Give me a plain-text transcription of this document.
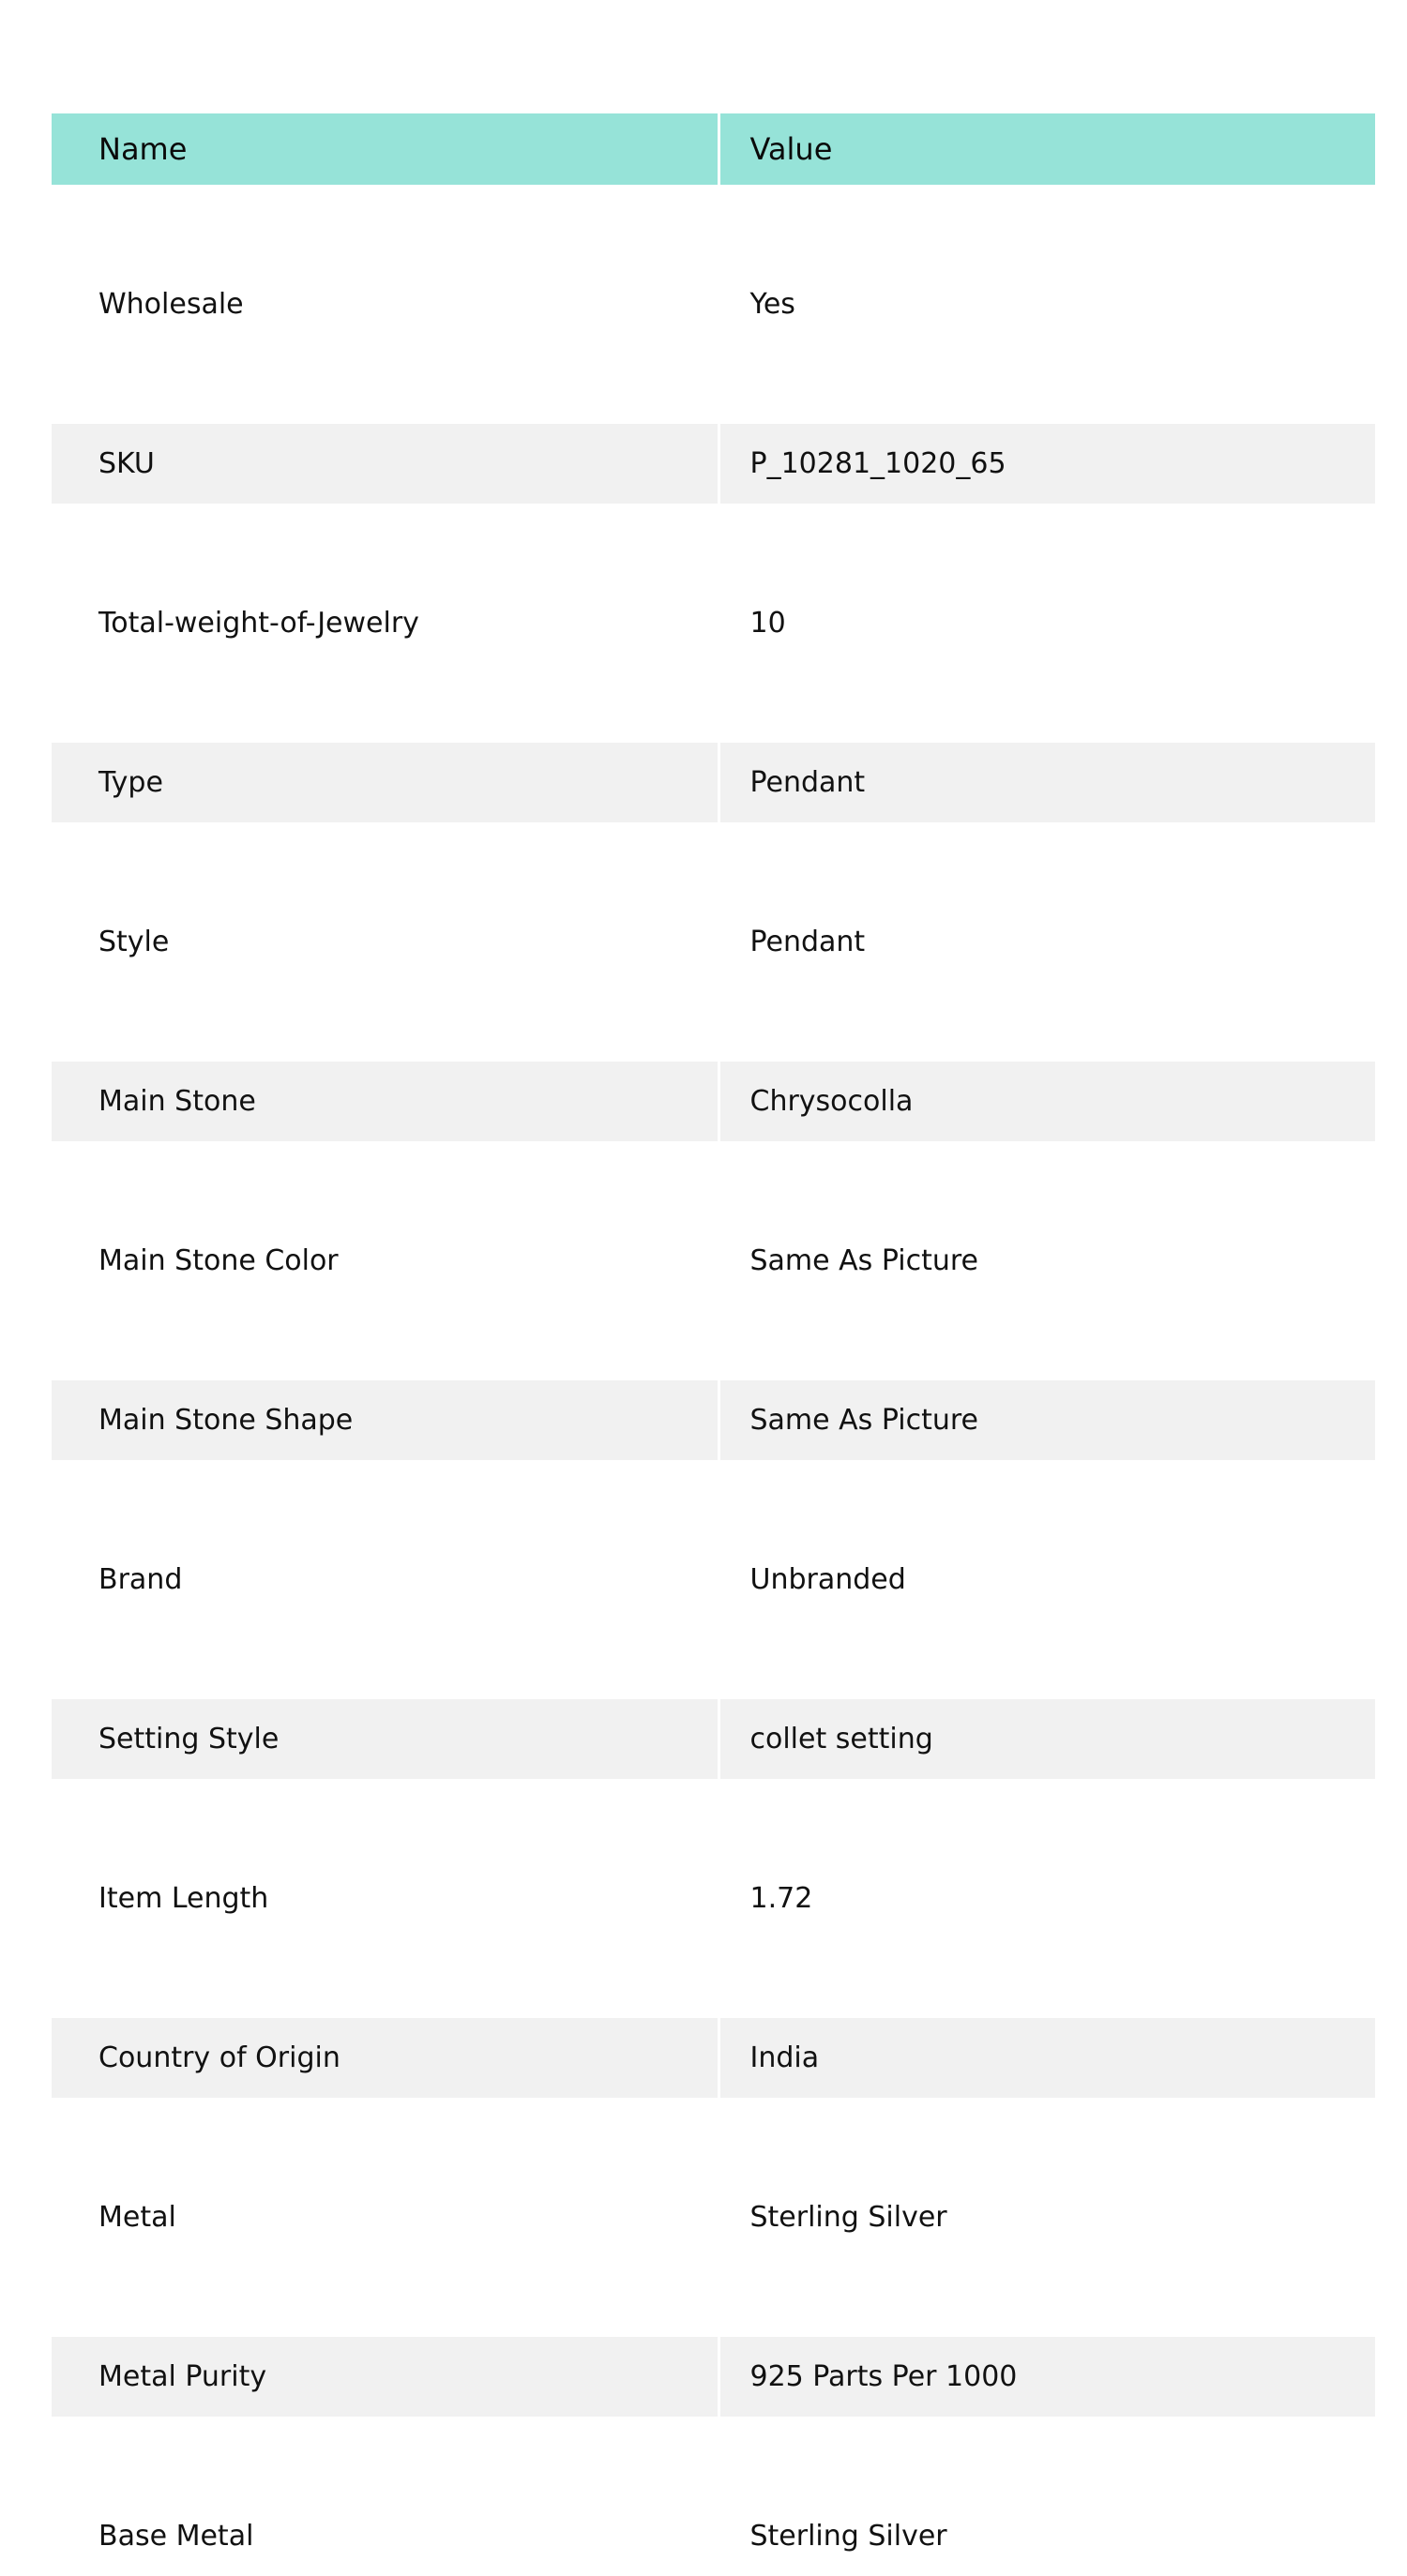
Name	Value

Wholesale	Yes

SKU	P_10281_1020_65

Total-weight-of-Jewelry	10

Type	Pendant

Style	Pendant

Main Stone	Chrysocolla

Main Stone Color	Same As Picture

Main Stone Shape	Same As Picture

Brand	Unbranded

Setting Style	collet setting

Item Length	1.72

Country of Origin	India

Metal	Sterling Silver

Metal Purity	925 Parts Per 1000

Base Metal	Sterling Silver
